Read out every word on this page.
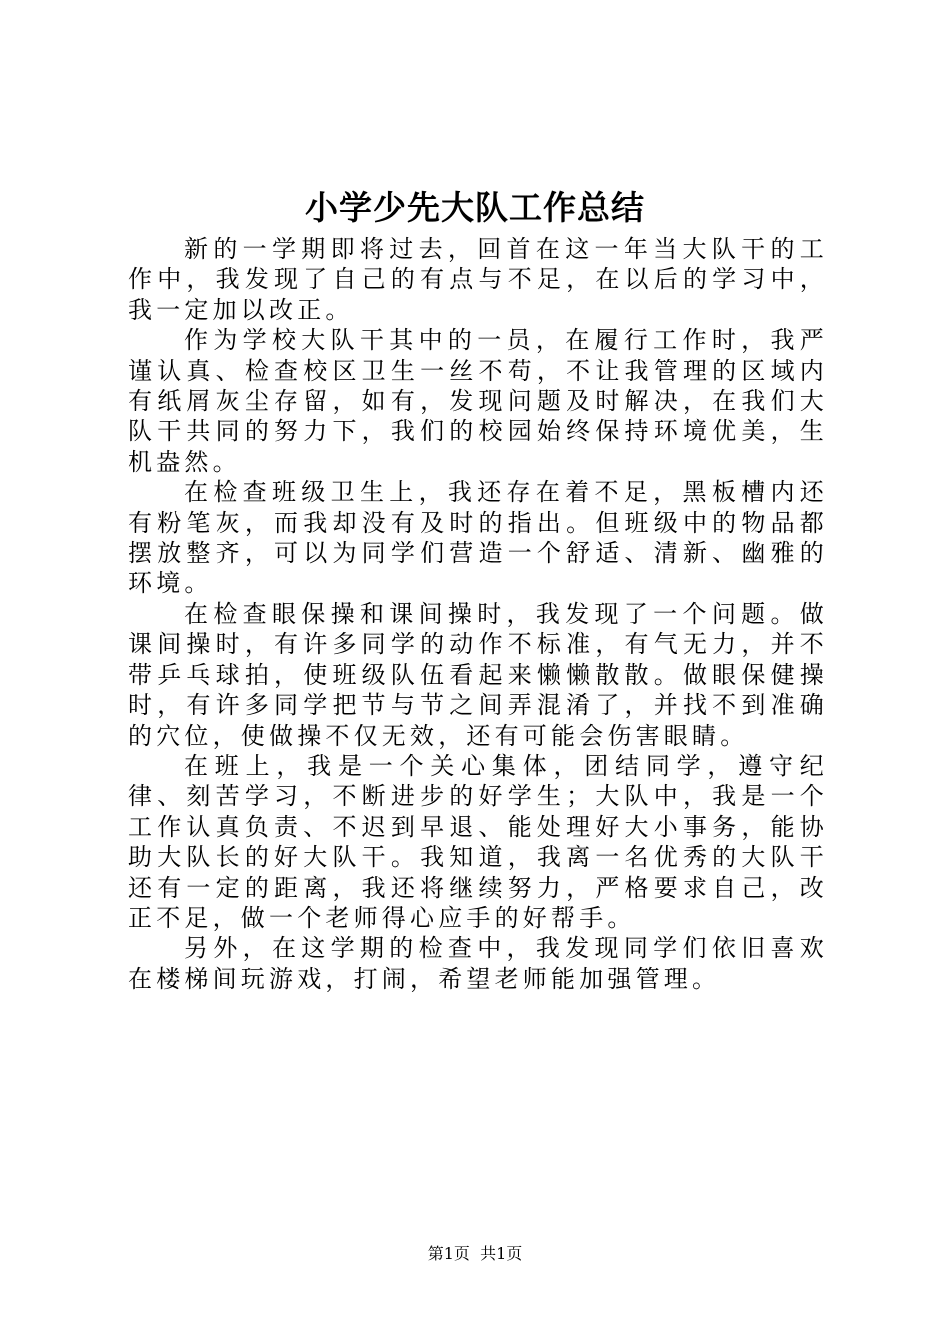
小学少先大队工作总结

新的一学期即将过去，回首在这一年当大队干的工作中，我发现了自己的有点与不足，在以后的学习中，我一定加以改正。

作为学校大队干其中的一员，在履行工作时，我严谨认真、检查校区卫生一丝不苟，不让我管理的区域内有纸屑灰尘存留，如有，发现问题及时解决，在我们大队干共同的努力下，我们的校园始终保持环境优美，生机盎然。

在检查班级卫生上，我还存在着不足，黑板槽内还有粉笔灰，而我却没有及时的指出。但班级中的物品都摆放整齐，可以为同学们营造一个舒适、清新、幽雅的环境。

在检查眼保操和课间操时，我发现了一个问题。做课间操时，有许多同学的动作不标准，有气无力，并不带乒乓球拍，使班级队伍看起来懒懒散散。做眼保健操时，有许多同学把节与节之间弄混淆了，并找不到准确的穴位，使做操不仅无效，还有可能会伤害眼睛。

在班上，我是一个关心集体，团结同学，遵守纪律、刻苦学习，不断进步的好学生；大队中，我是一个工作认真负责、不迟到早退、能处理好大小事务，能协助大队长的好大队干。我知道，我离一名优秀的大队干还有一定的距离，我还将继续努力，严格要求自己，改正不足，做一个老师得心应手的好帮手。

另外，在这学期的检查中，我发现同学们依旧喜欢在楼梯间玩游戏，打闹，希望老师能加强管理。

第1页  共1页
